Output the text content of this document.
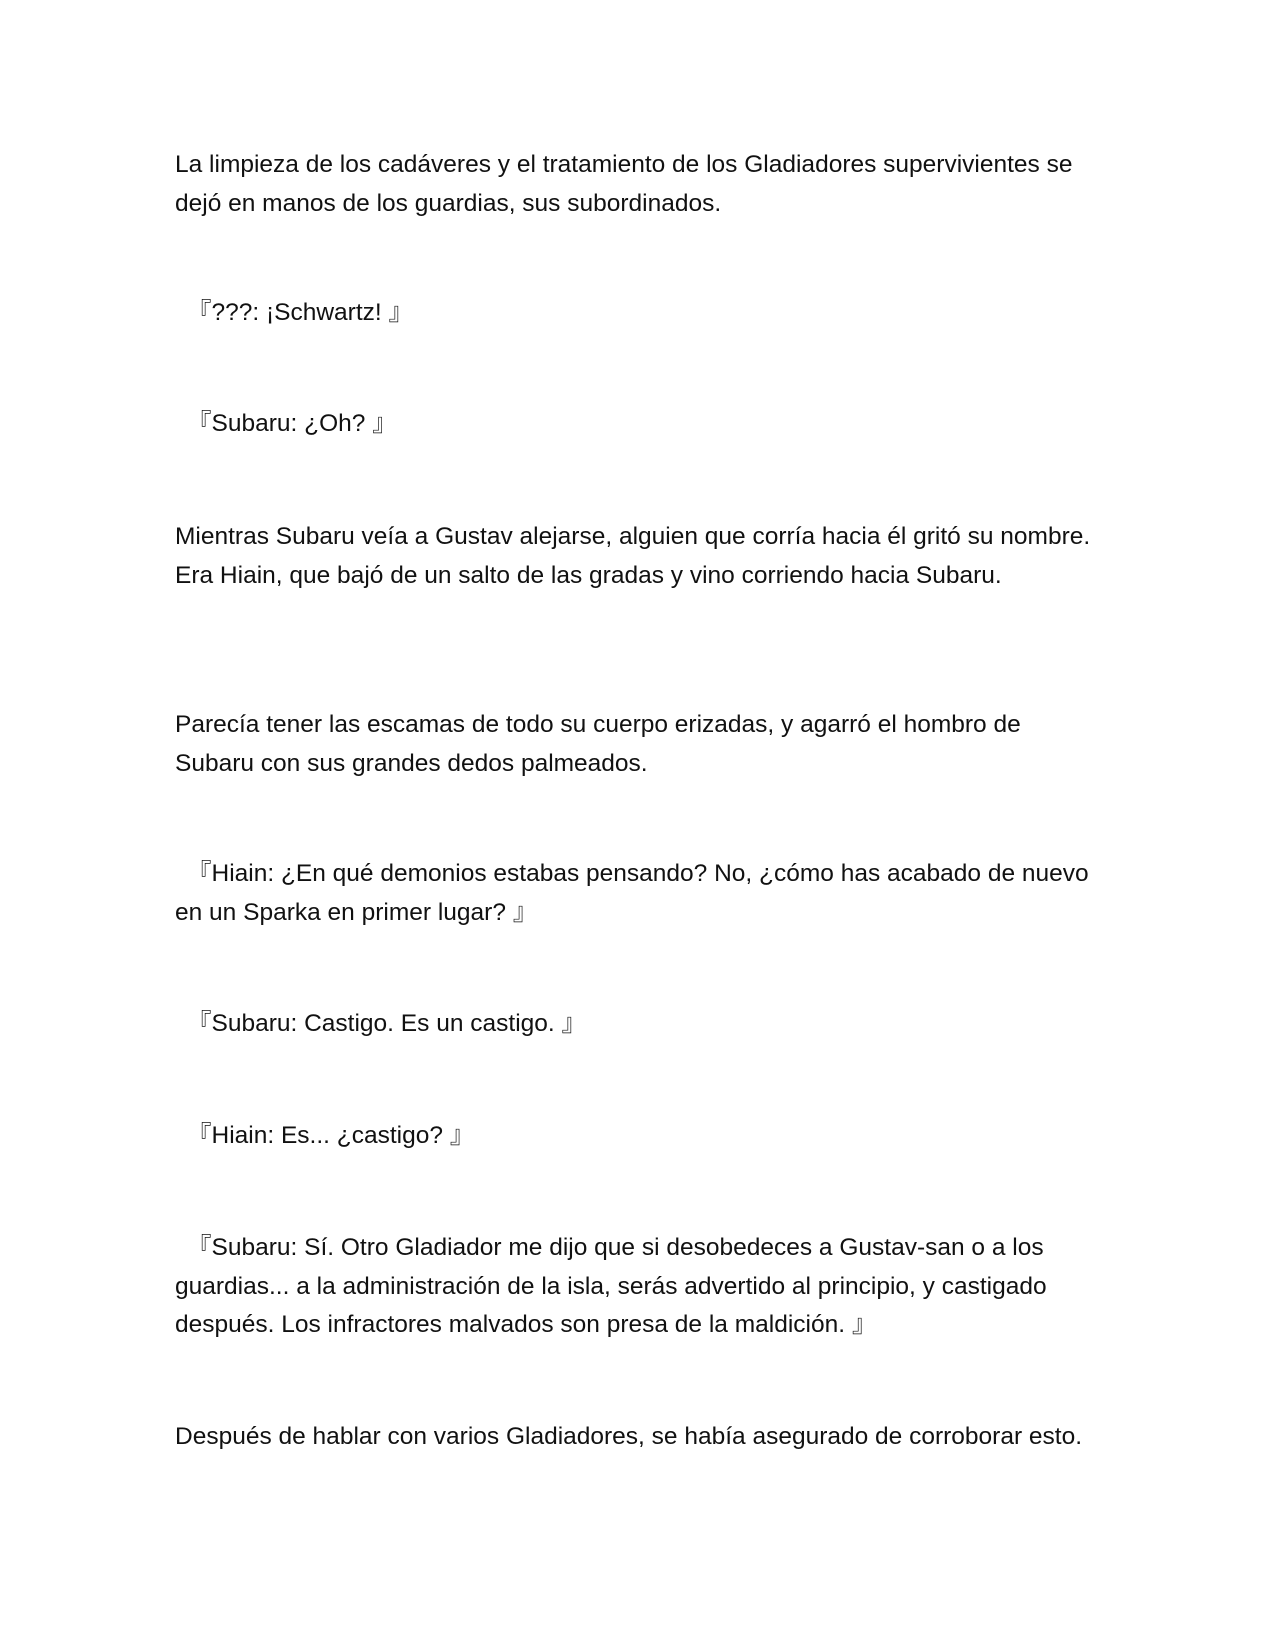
La limpieza de los cadáveres y el tratamiento de los Gladiadores supervivientes se dejó en manos de los guardias, sus subordinados.

『???: ¡Schwartz! 』

『Subaru: ¿Oh? 』

Mientras Subaru veía a Gustav alejarse, alguien que corría hacia él gritó su nombre. Era Hiain, que bajó de un salto de las gradas y vino corriendo hacia Subaru.

Parecía tener las escamas de todo su cuerpo erizadas, y agarró el hombro de Subaru con sus grandes dedos palmeados.

『Hiain: ¿En qué demonios estabas pensando? No, ¿cómo has acabado de nuevo en un Sparka en primer lugar? 』

『Subaru: Castigo. Es un castigo. 』

『Hiain: Es... ¿castigo? 』

『Subaru: Sí. Otro Gladiador me dijo que si desobedeces a Gustav-san o a los guardias... a la administración de la isla, serás advertido al principio, y castigado después. Los infractores malvados son presa de la maldición. 』

Después de hablar con varios Gladiadores, se había asegurado de corroborar esto.
